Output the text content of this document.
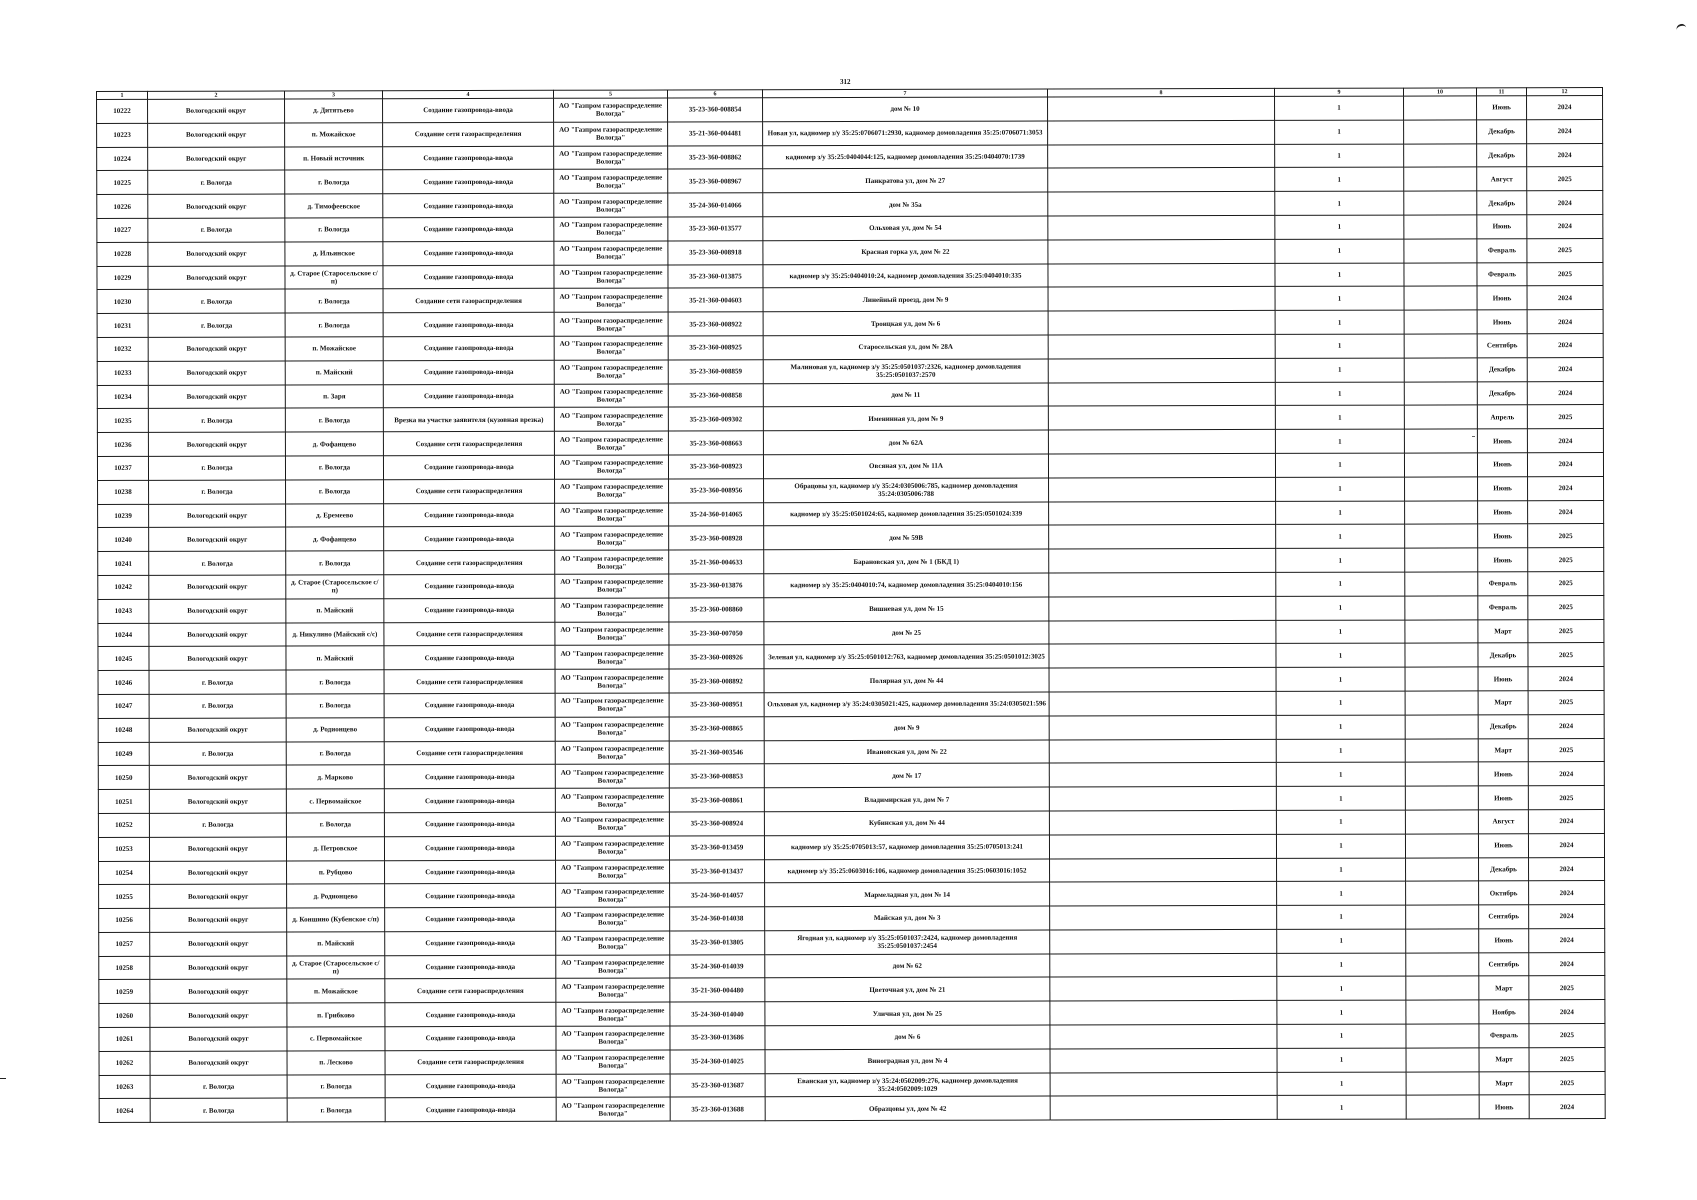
312
1	2	3	4	5	6	7	8	9	10	11	12
10222	Вологодский округ	д. Дитятьево	Создание газопровода-ввода	АО "Газпром газораспределение Вологда"	35-23-360-008854	дом № 10		1		Июнь	2024
10223	Вологодский округ	п. Можайское	Создание сети газораспределения	АО "Газпром газораспределение Вологда"	35-21-360-004481	Новая ул, кадномер з/у 35:25:0706071:2930, кадномер домовладения 35:25:0706071:3053		1		Декабрь	2024
10224	Вологодский округ	п. Новый источник	Создание газопровода-ввода	АО "Газпром газораспределение Вологда"	35-23-360-008862	кадномер з/у 35:25:0404044:125, кадномер домовладения 35:25:0404070:1739		1		Декабрь	2024
10225	г. Вологда	г. Вологда	Создание газопровода-ввода	АО "Газпром газораспределение Вологда"	35-23-360-008967	Панкратова ул, дом № 27		1		Август	2025
10226	Вологодский округ	д. Тимофеевское	Создание газопровода-ввода	АО "Газпром газораспределение Вологда"	35-24-360-014066	дом № 35а		1		Декабрь	2024
10227	г. Вологда	г. Вологда	Создание газопровода-ввода	АО "Газпром газораспределение Вологда"	35-23-360-013577	Ольховая ул, дом № 54		1		Июнь	2024
10228	Вологодский округ	д. Ильинское	Создание газопровода-ввода	АО "Газпром газораспределение Вологда"	35-23-360-008918	Красная горка ул, дом № 22		1		Февраль	2025
10229	Вологодский округ	д. Старое (Старосельское с/п)	Создание газопровода-ввода	АО "Газпром газораспределение Вологда"	35-23-360-013875	кадномер з/у 35:25:0404010:24, кадномер домовладения 35:25:0404010:335		1		Февраль	2025
10230	г. Вологда	г. Вологда	Создание сети газораспределения	АО "Газпром газораспределение Вологда"	35-21-360-004603	Линейный проезд, дом № 9		1		Июнь	2024
10231	г. Вологда	г. Вологда	Создание газопровода-ввода	АО "Газпром газораспределение Вологда"	35-23-360-008922	Троицкая ул, дом № 6		1		Июнь	2024
10232	Вологодский округ	п. Можайское	Создание газопровода-ввода	АО "Газпром газораспределение Вологда"	35-23-360-008925	Старосельская ул, дом № 28А		1		Сентябрь	2024
10233	Вологодский округ	п. Майский	Создание газопровода-ввода	АО "Газпром газораспределение Вологда"	35-23-360-008859	Малиновая ул, кадномер з/у 35:25:0501037:2326, кадномер домовладения 35:25:0501037:2570		1		Декабрь	2024
10234	Вологодский округ	п. Заря	Создание газопровода-ввода	АО "Газпром газораспределение Вологда"	35-23-360-008858	дом № 11		1		Декабрь	2024
10235	г. Вологда	г. Вологда	Врезка на участке заявителя (кузовная врезка)	АО "Газпром газораспределение Вологда"	35-23-360-009302	Именинная ул, дом № 9		1		Апрель	2025
10236	Вологодский округ	д. Фофанцево	Создание сети газораспределения	АО "Газпром газораспределение Вологда"	35-23-360-008663	дом № 62А		1		Июнь	2024
10237	г. Вологда	г. Вологда	Создание газопровода-ввода	АО "Газпром газораспределение Вологда"	35-23-360-008923	Овсяная ул, дом № 11А		1		Июнь	2024
10238	г. Вологда	г. Вологда	Создание сети газораспределения	АО "Газпром газораспределение Вологда"	35-23-360-008956	Обрацовы ул, кадномер з/у 35:24:0305006:785, кадномер домовладения 35:24:0305006:788		1		Июнь	2024
10239	Вологодский округ	д. Еремеево	Создание газопровода-ввода	АО "Газпром газораспределение Вологда"	35-24-360-014065	кадномер з/у 35:25:0501024:65, кадномер домовладения 35:25:0501024:339		1		Июнь	2024
10240	Вологодский округ	д. Фофанцево	Создание газопровода-ввода	АО "Газпром газораспределение Вологда"	35-23-360-008928	дом № 59В		1		Июнь	2025
10241	г. Вологда	г. Вологда	Создание сети газораспределения	АО "Газпром газораспределение Вологда"	35-21-360-004633	Барановская ул, дом № 1 (БКД 1)		1		Июнь	2025
10242	Вологодский округ	д. Старое (Старосельское с/п)	Создание газопровода-ввода	АО "Газпром газораспределение Вологда"	35-23-360-013876	кадномер з/у 35:25:0404010:74, кадномер домовладения 35:25:0404010:156		1		Февраль	2025
10243	Вологодский округ	п. Майский	Создание газопровода-ввода	АО "Газпром газораспределение Вологда"	35-23-360-008860	Вишневая ул, дом № 15		1		Февраль	2025
10244	Вологодский округ	д. Никулино (Майский с/с)	Создание сети газораспределения	АО "Газпром газораспределение Вологда"	35-23-360-007050	дом № 25		1		Март	2025
10245	Вологодский округ	п. Майский	Создание газопровода-ввода	АО "Газпром газораспределение Вологда"	35-23-360-008926	Зеленая ул, кадномер з/у 35:25:0501012:763, кадномер домовладения 35:25:0501012:3025		1		Декабрь	2025
10246	г. Вологда	г. Вологда	Создание сети газораспределения	АО "Газпром газораспределение Вологда"	35-23-360-008892	Полярная ул, дом № 44		1		Июнь	2024
10247	г. Вологда	г. Вологда	Создание газопровода-ввода	АО "Газпром газораспределение Вологда"	35-23-360-008951	Ольховая ул, кадномер з/у 35:24:0305021:425, кадномер домовладения 35:24:0305021:596		1		Март	2025
10248	Вологодский округ	д. Родионцево	Создание газопровода-ввода	АО "Газпром газораспределение Вологда"	35-23-360-008865	дом № 9		1		Декабрь	2024
10249	г. Вологда	г. Вологда	Создание сети газораспределения	АО "Газпром газораспределение Вологда"	35-21-360-003546	Ивановская ул, дом № 22		1		Март	2025
10250	Вологодский округ	д. Марково	Создание газопровода-ввода	АО "Газпром газораспределение Вологда"	35-23-360-008853	дом № 17		1		Июнь	2024
10251	Вологодский округ	с. Первомайское	Создание газопровода-ввода	АО "Газпром газораспределение Вологда"	35-23-360-008861	Владимирская ул, дом № 7		1		Июнь	2025
10252	г. Вологда	г. Вологда	Создание газопровода-ввода	АО "Газпром газораспределение Вологда"	35-23-360-008924	Кубинская ул, дом № 44		1		Август	2024
10253	Вологодский округ	д. Петровское	Создание газопровода-ввода	АО "Газпром газораспределение Вологда"	35-23-360-013459	кадномер з/у 35:25:0705013:57, кадномер домовладения 35:25:0705013:241		1		Июнь	2024
10254	Вологодский округ	п. Рубцово	Создание газопровода-ввода	АО "Газпром газораспределение Вологда"	35-23-360-013437	кадномер з/у 35:25:0603016:106, кадномер домовладения 35:25:0603016:1052		1		Декабрь	2024
10255	Вологодский округ	д. Родионцево	Создание газопровода-ввода	АО "Газпром газораспределение Вологда"	35-24-360-014057	Мармеладная ул, дом № 14		1		Октябрь	2024
10256	Вологодский округ	д. Коншино (Кубенское с/п)	Создание газопровода-ввода	АО "Газпром газораспределение Вологда"	35-24-360-014038	Майская ул, дом № 3		1		Сентябрь	2024
10257	Вологодский округ	п. Майский	Создание газопровода-ввода	АО "Газпром газораспределение Вологда"	35-23-360-013805	Ягодная ул, кадномер з/у 35:25:0501037:2424, кадномер домовладения 35:25:0501037:2454		1		Июнь	2024
10258	Вологодский округ	д. Старое (Старосельское с/п)	Создание газопровода-ввода	АО "Газпром газораспределение Вологда"	35-24-360-014039	дом № 62		1		Сентябрь	2024
10259	Вологодский округ	п. Можайское	Создание сети газораспределения	АО "Газпром газораспределение Вологда"	35-21-360-004480	Цветочная ул, дом № 21		1		Март	2025
10260	Вологодский округ	п. Грибково	Создание газопровода-ввода	АО "Газпром газораспределение Вологда"	35-24-360-014040	Уличная ул, дом № 25		1		Ноябрь	2024
10261	Вологодский округ	с. Первомайское	Создание газопровода-ввода	АО "Газпром газораспределение Вологда"	35-23-360-013686	дом № 6		1		Февраль	2025
10262	Вологодский округ	п. Лесково	Создание сети газораспределения	АО "Газпром газораспределение Вологда"	35-24-360-014025	Виноградная ул, дом № 4		1		Март	2025
10263	г. Вологда	г. Вологда	Создание газопровода-ввода	АО "Газпром газораспределение Вологда"	35-23-360-013687	Еванская ул, кадномер з/у 35:24:0502009:276, кадномер домовладения 35:24:0502009:1029		1		Март	2025
10264	г. Вологда	г. Вологда	Создание газопровода-ввода	АО "Газпром газораспределение Вологда"	35-23-360-013688	Образцовы ул, дом № 42		1		Июнь	2024
